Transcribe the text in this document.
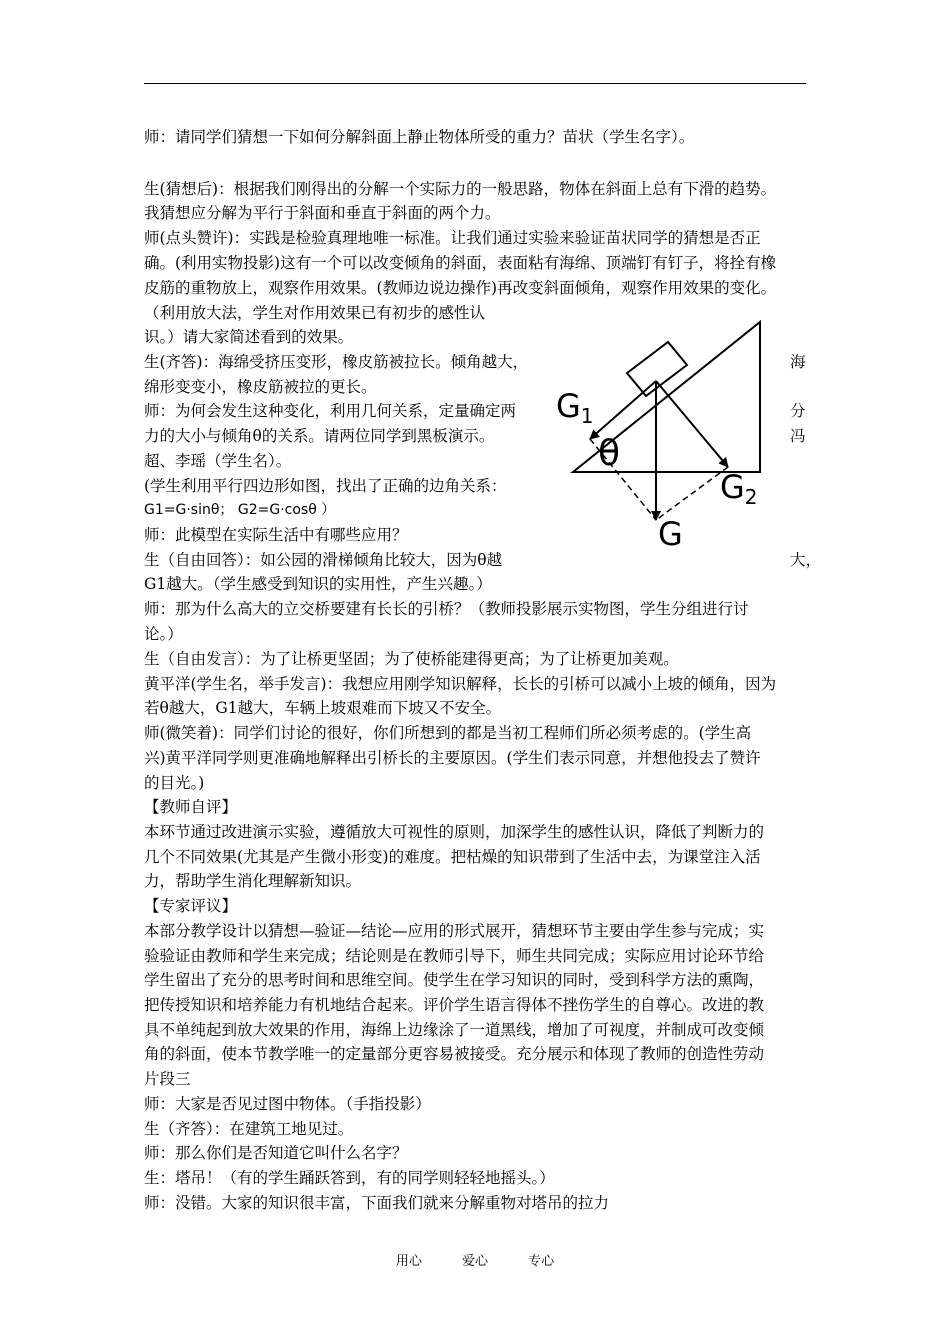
师：请同学们猜想一下如何分解斜面上静止物体所受的重力？苗状（学生名字）。
生(猜想后)：根据我们刚得出的分解一个实际力的一般思路，物体在斜面上总有下滑的趋势。
我猜想应分解为平行于斜面和垂直于斜面的两个力。
师(点头赞许)：实践是检验真理地唯一标准。让我们通过实验来验证苗状同学的猜想是否正
确。(利用实物投影)这有一个可以改变倾角的斜面，表面粘有海绵、顶端钉有钉子，将拴有橡
皮筋的重物放上，观察作用效果。(教师边说边操作)再改变斜面倾角，观察作用效果的变化。
（利用放大法，学生对作用效果已有初步的感性认
识。）请大家简述看到的效果。
生(齐答)：海绵受挤压变形，橡皮筋被拉长。倾角越大，
绵形变变小，橡皮筋被拉的更长。
师：为何会发生这种变化，利用几何关系，定量确定两
力的大小与倾角θ的关系。请两位同学到黑板演示。
超、李瑶（学生名）。
(学生利用平行四边形如图，找出了正确的边角关系：
G1=G·sinθ； G2=G·cosθ ）
师：此模型在实际生活中有哪些应用？
生（自由回答）：如公园的滑梯倾角比较大，因为θ越
G1越大。（学生感受到知识的实用性，产生兴趣。）
师：那为什么高大的立交桥要建有长长的引桥？（教师投影展示实物图，学生分组进行讨
论。）
生（自由发言）：为了让桥更坚固；为了使桥能建得更高；为了让桥更加美观。
黄平洋(学生名，举手发言)：我想应用刚学知识解释，长长的引桥可以减小上坡的倾角，因为
若θ越大，G1越大，车辆上坡艰难而下坡又不安全。
师(微笑着)：同学们讨论的很好，你们所想到的都是当初工程师们所必须考虑的。(学生高
兴)黄平洋同学则更准确地解释出引桥长的主要原因。(学生们表示同意，并想他投去了赞许
的目光。)
【教师自评】
本环节通过改进演示实验，遵循放大可视性的原则，加深学生的感性认识，降低了判断力的
几个不同效果(尤其是产生微小形变)的难度。把枯燥的知识带到了生活中去，为课堂注入活
力，帮助学生消化理解新知识。
【专家评议】
本部分教学设计以猜想—验证—结论—应用的形式展开，猜想环节主要由学生参与完成；实
验验证由教师和学生来完成；结论则是在教师引导下，师生共同完成；实际应用讨论环节给
学生留出了充分的思考时间和思维空间。使学生在学习知识的同时，受到科学方法的熏陶，
把传授知识和培养能力有机地结合起来。评价学生语言得体不挫伤学生的自尊心。改进的教
具不单纯起到放大效果的作用，海绵上边缘涂了一道黑线，增加了可视度，并制成可改变倾
角的斜面，使本节教学唯一的定量部分更容易被接受。充分展示和体现了教师的创造性劳动
片段三
师：大家是否见过图中物体。（手指投影）
生（齐答）：在建筑工地见过。
师：那么你们是否知道它叫什么名字？
生：塔吊！（有的学生踊跃答到，有的同学则轻轻地摇头。）
师：没错。大家的知识很丰富，下面我们就来分解重物对塔吊的拉力
海
分
冯
大，
G1
θ
G2
G
用心	爱心	专心
